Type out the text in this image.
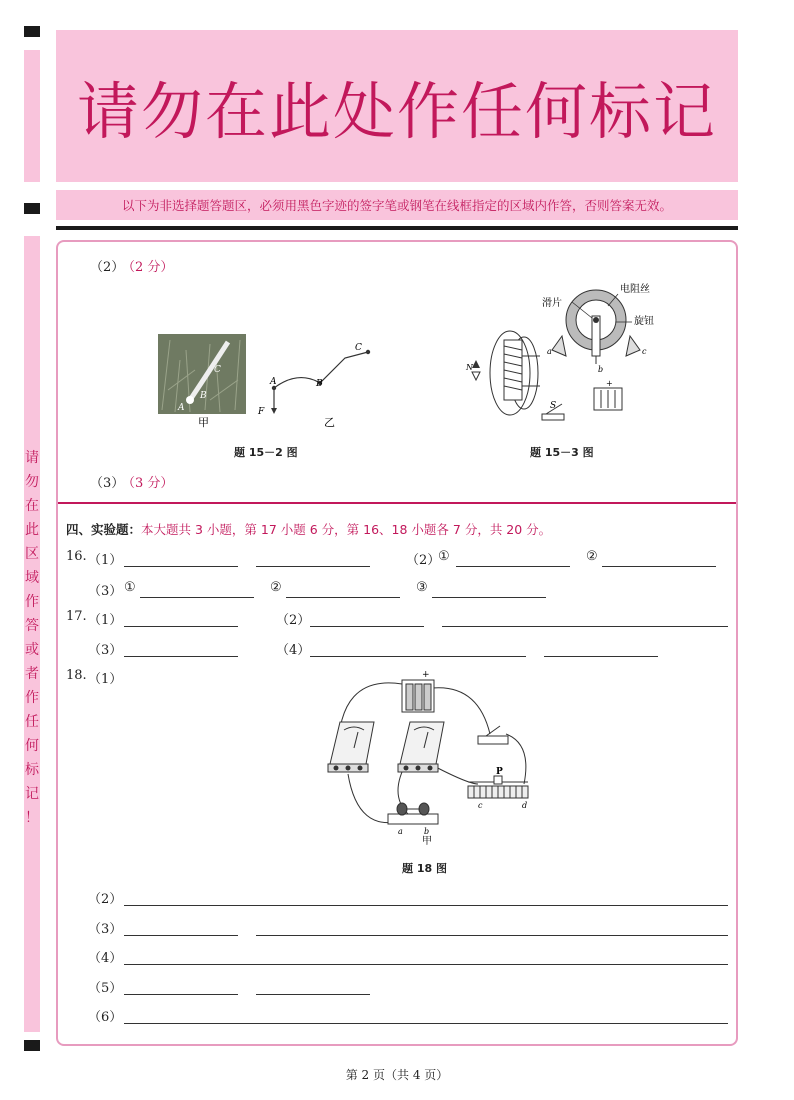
请
勿
在
此
区
域
作
答
或
者
作
任
何
标
记
！
请勿在此处作任何标记
以下为非选择题答题区，必须用黑色字迹的签字笔或钢笔在线框指定的区域内作答，否则答案无效。
（2）
（2 分）
C
B
A
甲
A	B
C
F
乙
题 15－2 图
N
a
b
c
滑片
电阻丝
旋钮
+
S
题 15－3 图
（3）
（3 分）
四、实验题：本大题共 3 小题，第 17 小题 6 分，第 16、18 小题各 7 分，共 20 分。
16. （1）	（2）
①	②
（3） ①	②	③
17. （1）	（2）
（3）	（4）
18. （1）	+
P
c	d
a	b
甲
题 18 图
（2）
（3）
（4）
（5）
（6）
第 2 页（共 4 页）
